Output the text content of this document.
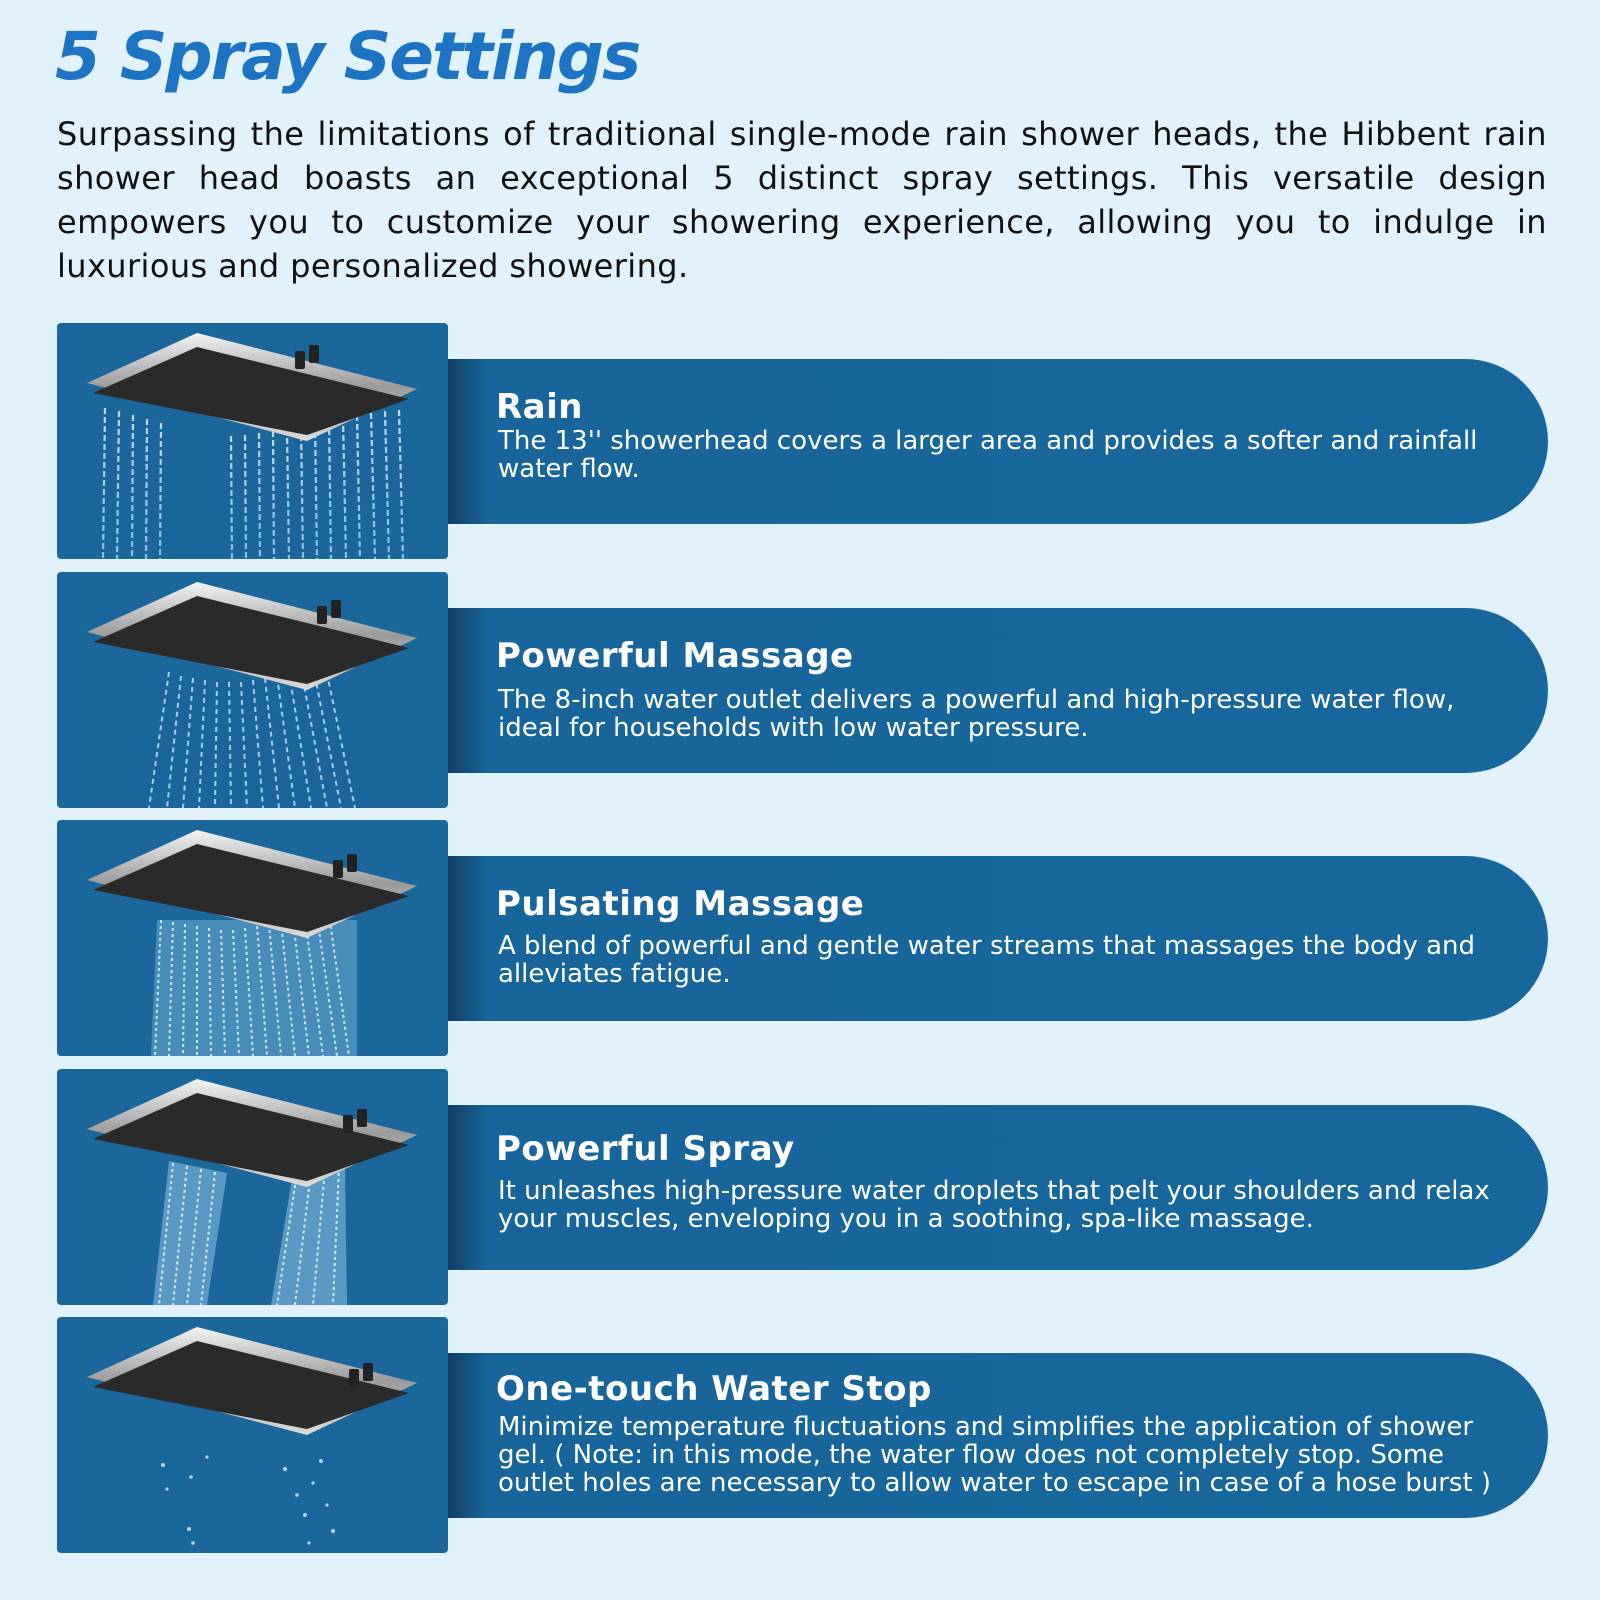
5 Spray Settings

Surpassing the limitations of traditional single-mode rain shower heads, the Hibbent rain shower head boasts an exceptional 5 distinct spray settings. This versatile design empowers you to customize your showering experience, allowing you to indulge in luxurious and personalized showering.

Rain
The 13'' showerhead covers a larger area and provides a softer and rainfall water flow.
Powerful Massage
The 8-inch water outlet delivers a powerful and high-pressure water flow, ideal for households with low water pressure.
Pulsating Massage
A blend of powerful and gentle water streams that massages the body and alleviates fatigue.
Powerful Spray
It unleashes high-pressure water droplets that pelt your shoulders and relax your muscles, enveloping you in a soothing, spa-like massage.
One-touch Water Stop
Minimize temperature fluctuations and simplifies the application of shower gel. ( Note: in this mode, the water flow does not completely stop. Some outlet holes are necessary to allow water to escape in case of a hose burst )
